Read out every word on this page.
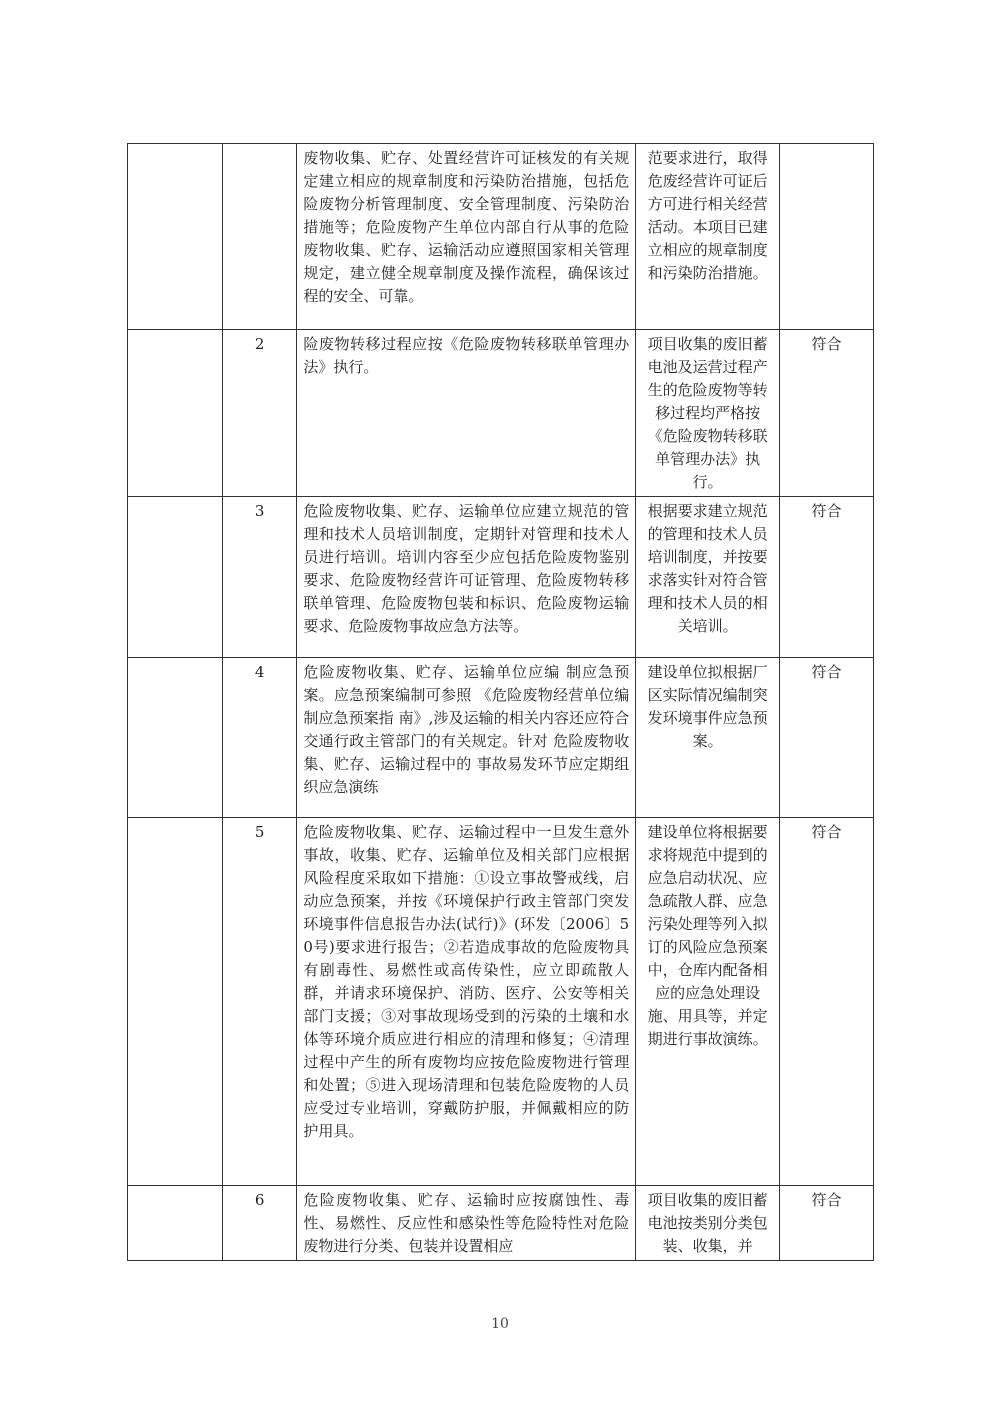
		废物收集、贮存、处置经营许可证核发的有关规定建立相应的规章制度和污染防治措施，包括危险废物分析管理制度、安全管理制度、污染防治措施等；危险废物产生单位内部自行从事的危险废物收集、贮存、运输活动应遵照国家相关管理规定，建立健全规章制度及操作流程，确保该过程的安全、可靠。	范要求进行，取得危废经营许可证后方可进行相关经营活动。本项目已建立相应的规章制度和污染防治措施。	
	2	险废物转移过程应按《危险废物转移联单管理办法》执行。	项目收集的废旧蓄 电池及运营过程产 生的危险废物等转 移过程均严格按《危险废物转移联单管理办法》执行。	符合
	3	危险废物收集、贮存、运输单位应建立规范的管理和技术人员培训制度，定期针对管理和技术人员进行培训。培训内容至少应包括危险废物鉴别要求、危险废物经营许可证管理、危险废物转移联单管理、危险废物包装和标识、危险废物运输要求、危险废物事故应急方法等。	根据要求建立规范的管理和技术人员培训制度，并按要求落实针对符合管理和技术人员的相关培训。	符合
	4	危险废物收集、贮存、运输单位应编 制应急预案。应急预案编制可参照 《危险废物经营单位编制应急预案指 南》,涉及运输的相关内容还应符合 交通行政主管部门的有关规定。针对 危险废物收集、贮存、运输过程中的 事故易发环节应定期组织应急演练	建设单位拟根据厂区实际情况编制突发环境事件应急预案。	符合
	5	危险废物收集、贮存、运输过程中一旦发生意外事故，收集、贮存、运输单位及相关部门应根据风险程度采取如下措施：①设立事故警戒线，启动应急预案，并按《环境保护行政主管部门突发环境事件信息报告办法(试行)》(环发〔2006〕50号)要求进行报告；②若造成事故的危险废物具有剧毒性、易燃性或高传染性，应立即疏散人群，并请求环境保护、消防、医疗、公安等相关部门支援；③对事故现场受到的污染的土壤和水体等环境介质应进行相应的清理和修复；④清理过程中产生的所有废物均应按危险废物进行管理和处置；⑤进入现场清理和包装危险废物的人员应受过专业培训，穿戴防护服，并佩戴相应的防护用具。	建设单位将根据要 求将规范中提到的 应急启动状况、应急疏散人群、应急污染处理等列入拟订的风险应急预案中，仓库内配备相应的应急处理设施、用具等，并定期进行事故演练。	符合
	6	危险废物收集、贮存、运输时应按腐蚀性、毒性、易燃性、反应性和感染性等危险特性对危险废物进行分类、包装并设置相应	项目收集的废旧蓄电池按类别分类包装、收集，并	符合
10
